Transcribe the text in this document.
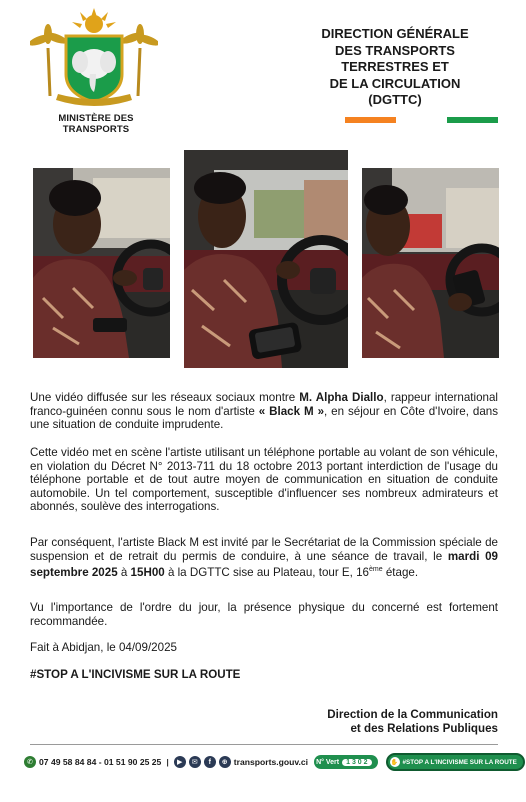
MINISTÈRE DES TRANSPORTS
DIRECTION GÉNÉRALE
DES TRANSPORTS
TERRESTRES ET
DE LA CIRCULATION
(DGTTC)
Une vidéo diffusée sur les réseaux sociaux montre M. Alpha Diallo, rappeur international franco-guinéen connu sous le nom d'artiste « Black M », en séjour en Côte d'Ivoire, dans une situation de conduite imprudente.
Cette vidéo met en scène l'artiste utilisant un téléphone portable au volant de son véhicule, en violation du Décret N° 2013-711 du 18 octobre 2013 portant interdiction de l'usage du téléphone portable et de tout autre moyen de communication en situation de conduite automobile. Un tel comportement, susceptible d'influencer ses nombreux admirateurs et abonnés, soulève des interrogations.
Par conséquent, l'artiste Black M est invité par le Secrétariat de la Commission spéciale de suspension et de retrait du permis de conduire, à une séance de travail, le mardi 09 septembre 2025 à 15H00 à la DGTTC sise au Plateau, tour E, 16ème étage.
Vu l'importance de l'ordre du jour, la présence physique du concerné est fortement recommandée.
Fait à Abidjan, le 04/09/2025
#STOP A L'INCIVISME SUR LA ROUTE
Direction de la Communication
et des Relations Publiques
✆ 07 49 58 84 84 - 01 51 90 25 25 |	▶	✉	f	⊕ transports.gouv.ci N° Vert	1 3 0 2	✋ #STOP A L'INCIVISME SUR LA ROUTE
